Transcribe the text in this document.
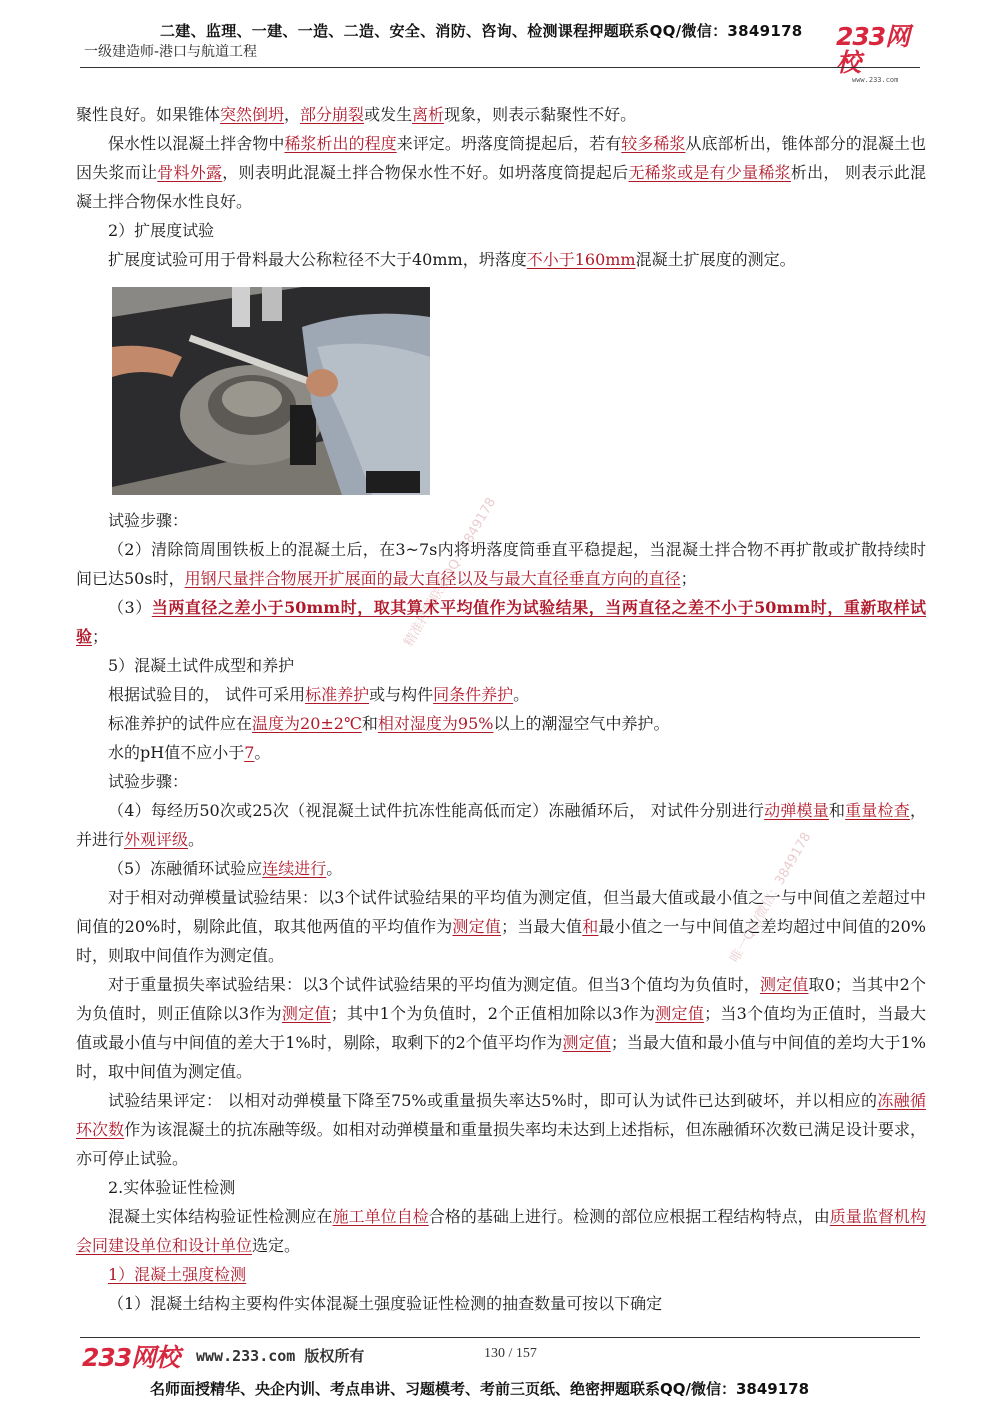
二建、监理、一建、一造、二造、安全、消防、咨询、检测课程押题联系QQ/微信：3849178
一级建造师-港口与航道工程
233网校
www.233.com
精准押题联系QQ：3849178
唯一QQ/微信：3849178

聚性良好。如果锥体突然倒坍，部分崩裂或发生离析现象，则表示黏聚性不好。

保水性以混凝土拌舍物中稀浆析出的程度来评定。坍落度筒提起后，若有较多稀浆从底部析出，锥体部分的混凝土也因失浆而让骨料外露，则表明此混凝土拌合物保水性不好。如坍落度筒提起后无稀浆或是有少量稀浆析出， 则表示此混凝土拌合物保水性良好。

2）扩展度试验

扩展度试验可用于骨料最大公称粒径不大于40mm，坍落度不小于160mm混凝土扩展度的测定。

试验步骤：

（2）清除筒周围铁板上的混凝土后，在3~7s内将坍落度筒垂直平稳提起，当混凝土拌合物不再扩散或扩散持续时间已达50s时，用钢尺量拌合物展开扩展面的最大直径以及与最大直径垂直方向的直径；

（3）当两直径之差小于50mm时，取其算术平均值作为试验结果，当两直径之差不小于50mm时，重新取样试验；

5）混凝土试件成型和养护

根据试验目的， 试件可采用标准养护或与构件同条件养护。

标准养护的试件应在温度为20±2℃和相对湿度为95%以上的潮湿空气中养护。

水的pH值不应小于7。

试验步骤：

（4）每经历50次或25次（视混凝土试件抗冻性能高低而定）冻融循环后， 对试件分别进行动弹模量和重量检查，并进行外观评级。

（5）冻融循环试验应连续进行。

对于相对动弹模量试验结果：以3个试件试验结果的平均值为测定值，但当最大值或最小值之一与中间值之差超过中间值的20%时，剔除此值，取其他两值的平均值作为测定值；当最大值和最小值之一与中间值之差均超过中间值的20%时，则取中间值作为测定值。

对于重量损失率试验结果：以3个试件试验结果的平均值为测定值。但当3个值均为负值时，测定值取0；当其中2个为负值时，则正值除以3作为测定值；其中1个为负值时，2个正值相加除以3作为测定值；当3个值均为正值时，当最大值或最小值与中间值的差大于1%时，剔除，取剩下的2个值平均作为测定值；当最大值和最小值与中间值的差均大于1%时，取中间值为测定值。

试验结果评定： 以相对动弹模量下降至75%或重量损失率达5%时，即可认为试件已达到破坏，并以相应的冻融循环次数作为该混凝土的抗冻融等级。如相对动弹模量和重量损失率均未达到上述指标，但冻融循环次数已满足设计要求，亦可停止试验。

2.实体验证性检测

混凝土实体结构验证性检测应在施工单位自检合格的基础上进行。检测的部位应根据工程结构特点，由质量监督机构会同建设单位和设计单位选定。

1）混凝土强度检测

（1）混凝土结构主要构件实体混凝土强度验证性检测的抽查数量可按以下确定

233网校 www.233.com 版权所有	130 / 157
名师面授精华、央企内训、考点串讲、习题模考、考前三页纸、绝密押题联系QQ/微信：3849178
